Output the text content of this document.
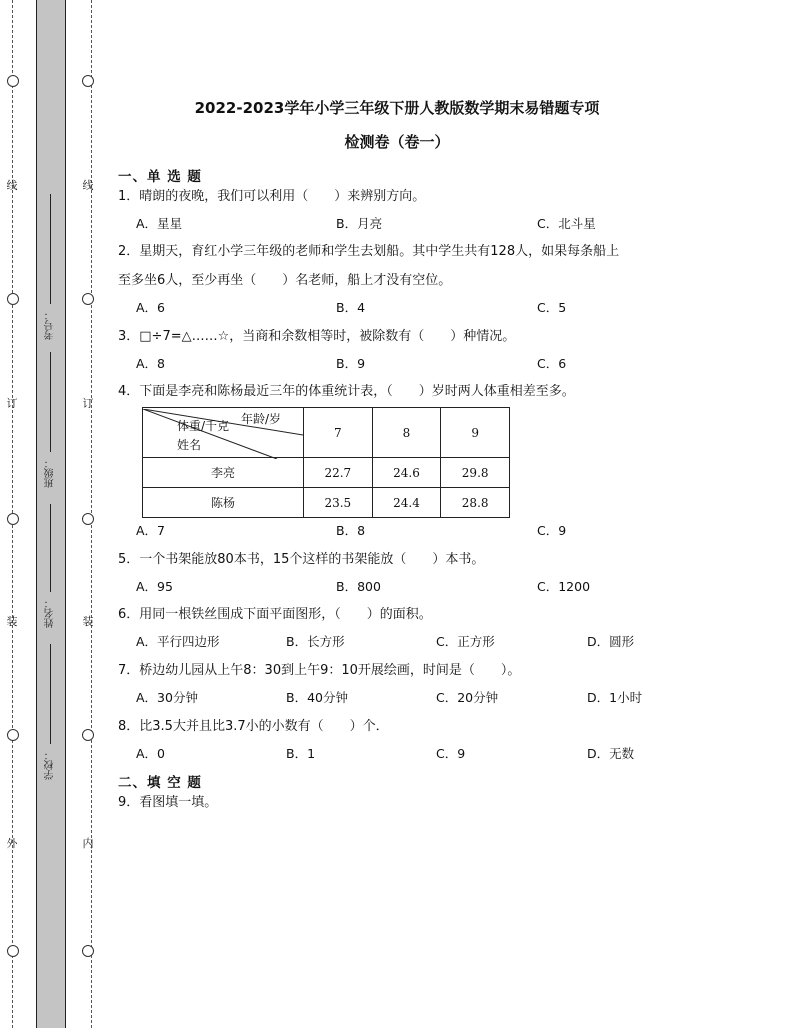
线
订
装
外
线
订
装
内
考号：
班级：
姓名：
学校：
2022-2023学年小学三年级下册人教版数学期末易错题专项
检测卷（卷一）
一、单 选 题
1．晴朗的夜晚，我们可以利用（　　）来辨别方向。
A．星星	B．月亮	C．北斗星
2．星期天，育红小学三年级的老师和学生去划船。其中学生共有128人，如果每条船上
至多坐6人，至少再坐（　　）名老师，船上才没有空位。
A．6	B．4	C．5
3．□÷7=△……☆，当商和余数相等时，被除数有（　　）种情况。
A．8	B．9	C．6
4．下面是李亮和陈杨最近三年的体重统计表，（　　）岁时两人体重相差至多。
年龄/岁
体重/千克
姓名	7	8	9
李亮	22.7	24.6	29.8
陈杨	23.5	24.4	28.8
A．7	B．8	C．9
5．一个书架能放80本书，15个这样的书架能放（　　）本书。
A．95	B．800	C．1200
6．用同一根铁丝围成下面平面图形，（　　）的面积。
A．平行四边形	B．长方形	C．正方形	D．圆形
7．桥边幼儿园从上午8：30到上午9：10开展绘画，时间是（　　）。
A．30分钟	B．40分钟	C．20分钟	D．1小时
8．比3.5大并且比3.7小的小数有（　　）个．
A．0	B．1	C．9	D．无数
二、填 空 题
9．看图填一填。
